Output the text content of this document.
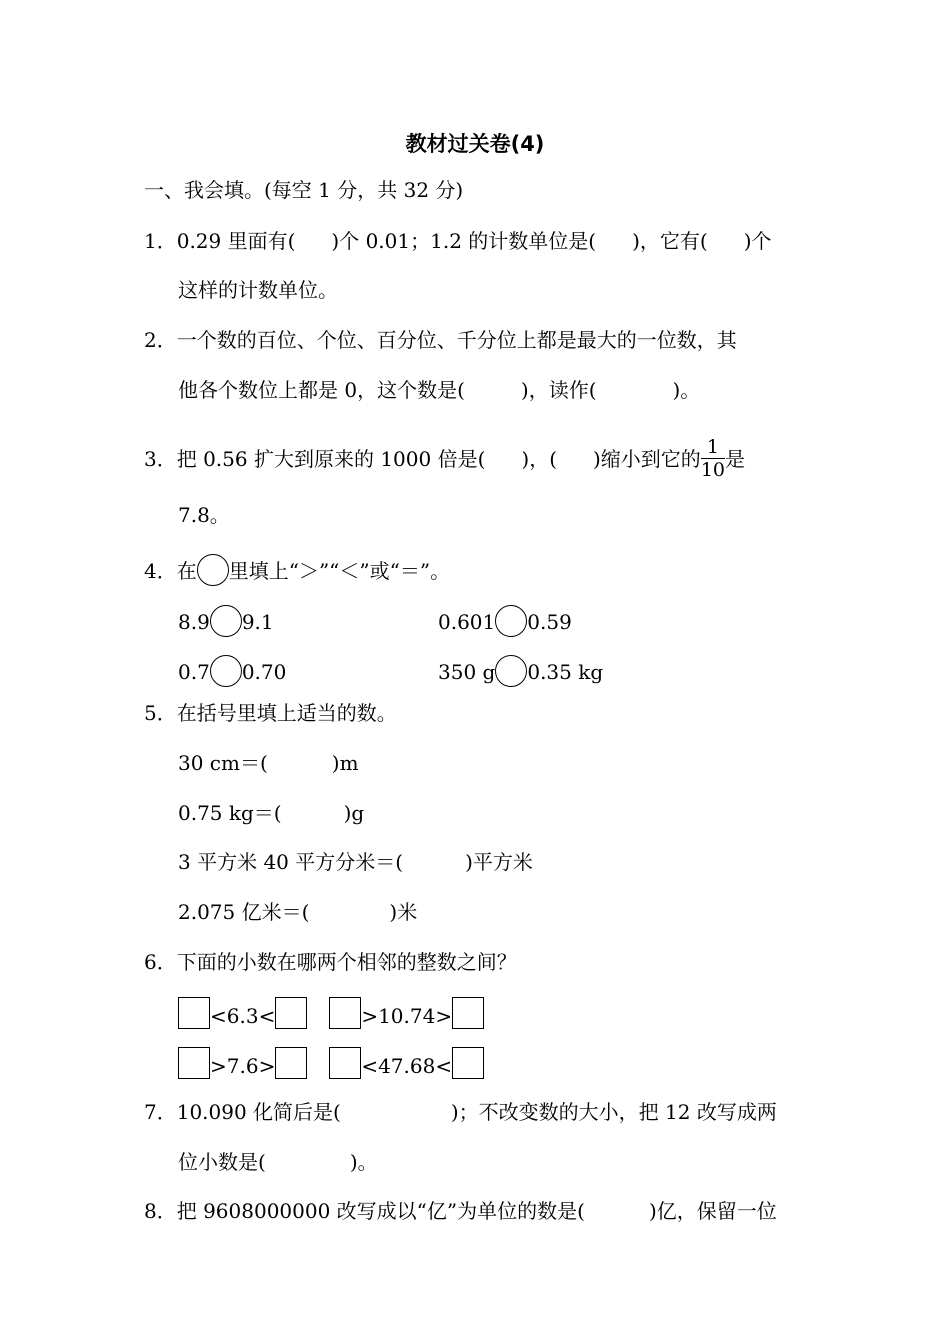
教材过关卷(4)
一、我会填。(每空 1 分，共 32 分)
1．0.29 里面有( )个 0.01；1.2 的计数单位是( )，它有( )个
这样的计数单位。
2．一个数的百位、个位、百分位、千分位上都是最大的一位数，其
他各个数位上都是 0，这个数是(	)，读作(	)。
3．把 0.56 扩大到原来的 1000 倍是( )，( )缩小到它的 $\frac{1}{10}$ 是
7.8。
4．在 里填上“＞”“＜”或“＝”。
8.9 9.1	0.601 0.59
0.7 0.70	350 g 0.35 kg
5．在括号里填上适当的数。
30 cm＝(	)m
0.75 kg＝(	)g
3 平方米 40 平方分米＝(	)平方米
2.075 亿米＝(	)米
6．下面的小数在哪两个相邻的整数之间？
<6.3<	>10.74>
>7.6>	<47.68<
7．10.090 化简后是(	)；不改变数的大小，把 12 改写成两
位小数是(	)。
8．把 9608000000 改写成以“亿”为单位的数是(	)亿，保留一位
